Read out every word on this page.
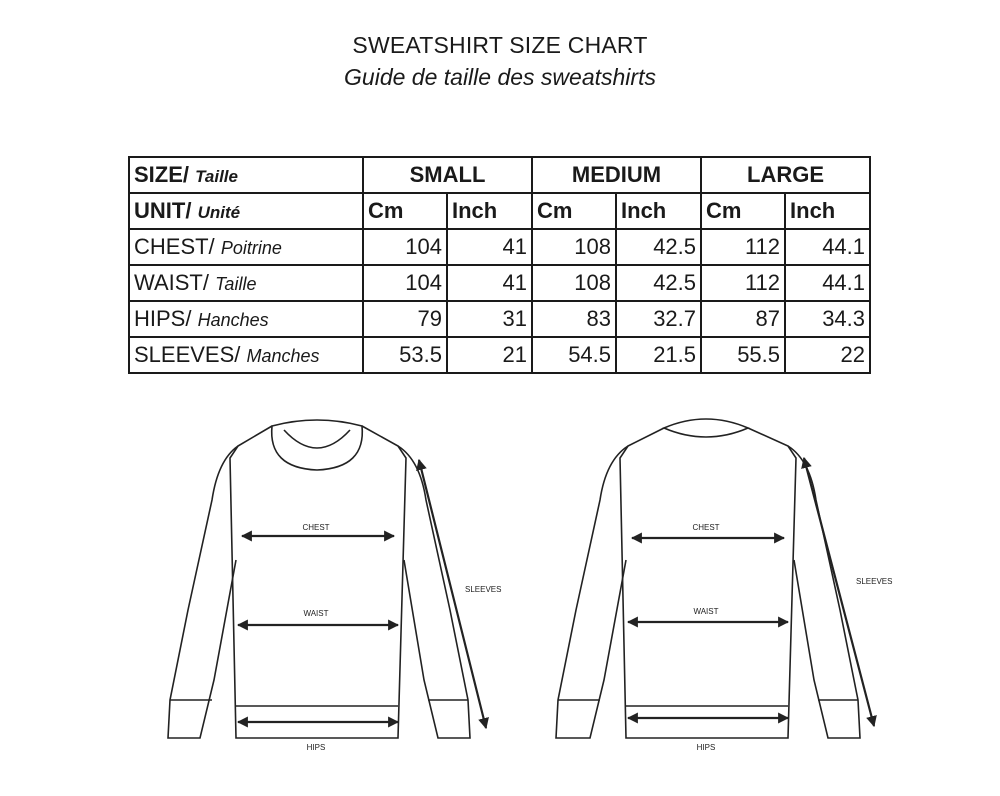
SWEATSHIRT SIZE CHART
Guide de taille des sweatshirts
SIZE/ Taille	SMALL		MEDIUM		LARGE	
UNIT/ Unité	Cm	Inch	Cm	Inch	Cm	Inch
CHEST/ Poitrine	104	41	108	42.5	112	44.1
WAIST/ Taille	104	41	108	42.5	112	44.1
HIPS/ Hanches	79	31	83	32.7	87	34.3
SLEEVES/ Manches	53.5	21	54.5	21.5	55.5	22
CHEST
WAIST
HIPS
SLEEVES
CHEST
WAIST
HIPS
SLEEVES
